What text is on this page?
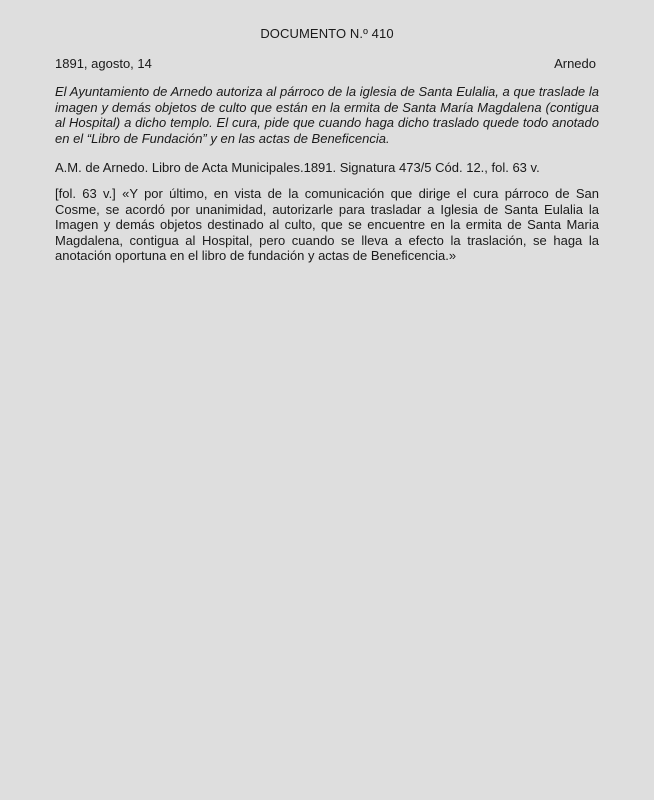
DOCUMENTO N.º 410
1891, agosto, 14	Arnedo

El Ayuntamiento de Arnedo autoriza al párroco de la iglesia de Santa Eulalia, a que traslade la imagen y demás objetos de culto que están en la ermita de Santa María Magdalena (contigua al Hospital) a dicho templo. El cura, pide que cuando haga dicho traslado quede todo anotado en el “Libro de Fundación” y en las actas de Beneficencia.

A.M. de Arnedo. Libro de Acta Municipales.1891. Signatura 473/5 Cód. 12., fol. 63 v.

[fol. 63 v.] «Y por último, en vista de la comunicación que dirige el cura párroco de San Cosme, se acordó por unanimidad, autorizarle para trasladar a Iglesia de Santa Eulalia la Imagen y demás objetos destinado al culto, que se encuentre en la ermita de Santa Maria Magdalena, contigua al Hospital, pero cuando se lleva a efecto la traslación, se haga la anotación oportuna en el libro de fundación y actas de Beneficencia.»
